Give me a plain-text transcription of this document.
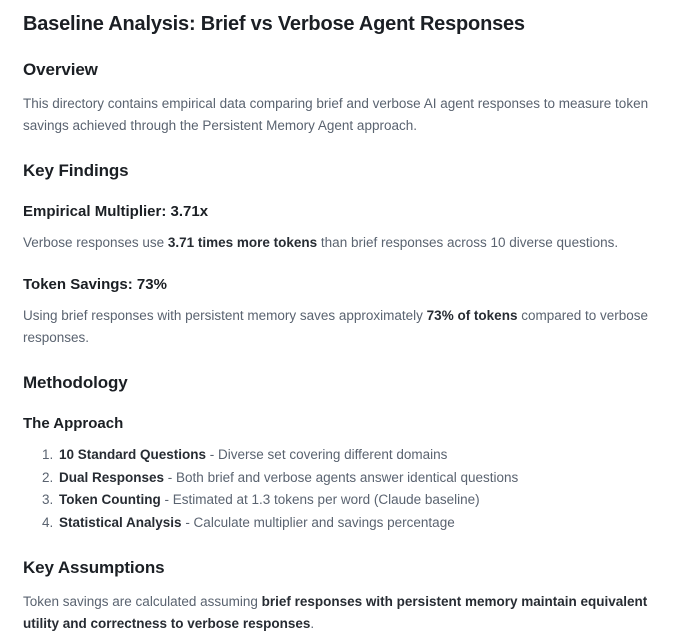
Baseline Analysis: Brief vs Verbose Agent Responses
Overview

This directory contains empirical data comparing brief and verbose AI agent responses to measure token savings achieved through the Persistent Memory Agent approach.

Key Findings
Empirical Multiplier: 3.71x

Verbose responses use 3.71 times more tokens than brief responses across 10 diverse questions.

Token Savings: 73%

Using brief responses with persistent memory saves approximately 73% of tokens compared to verbose responses.

Methodology
The Approach
1. 10 Standard Questions - Diverse set covering different domains
2. Dual Responses - Both brief and verbose agents answer identical questions
3. Token Counting - Estimated at 1.3 tokens per word (Claude baseline)
4. Statistical Analysis - Calculate multiplier and savings percentage
Key Assumptions

Token savings are calculated assuming brief responses with persistent memory maintain equivalent utility and correctness to verbose responses.
